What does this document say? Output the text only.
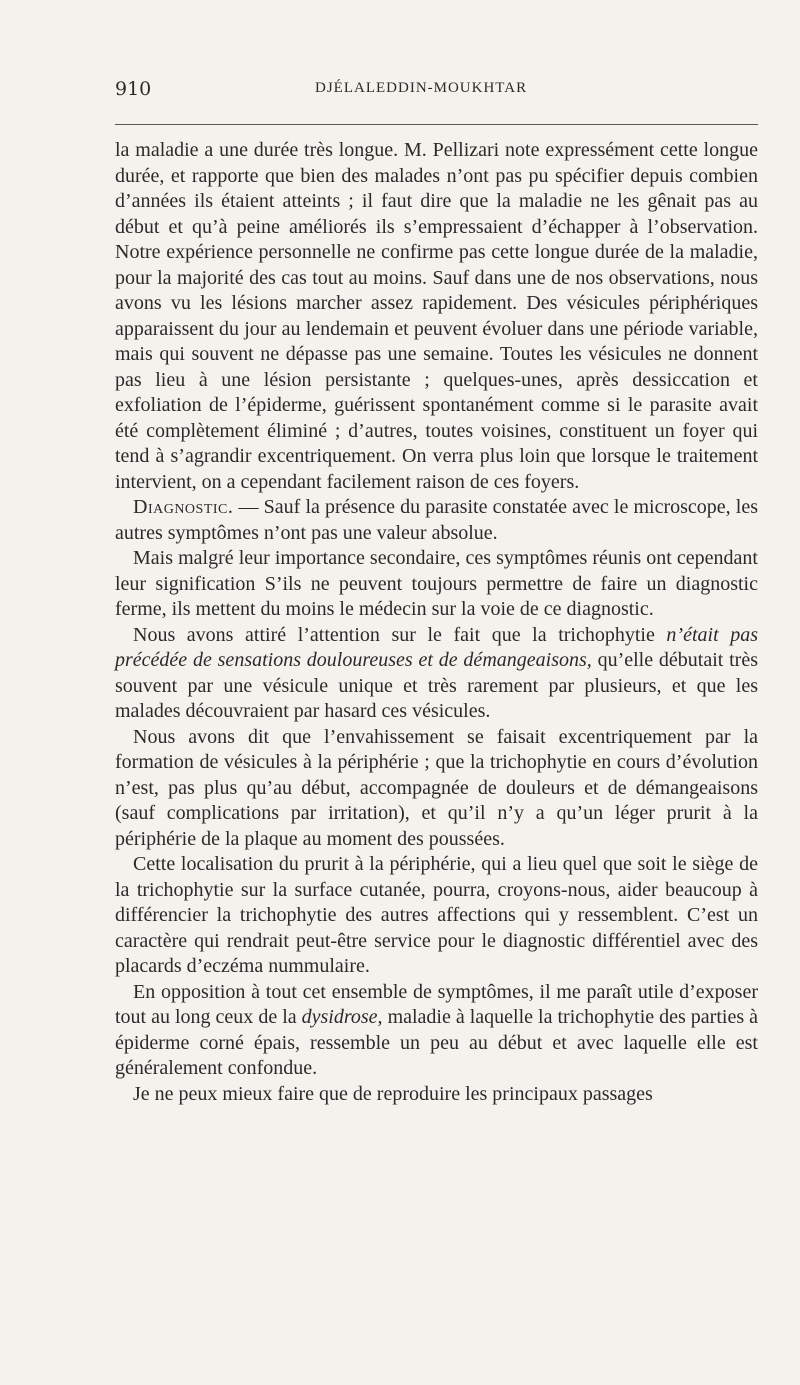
910	DJÉLALEDDIN-MOUKHTAR

la maladie a une durée très longue. M. Pellizari note expressément cette longue durée, et rapporte que bien des malades n’ont pas pu spécifier depuis combien d’années ils étaient atteints ; il faut dire que la maladie ne les gênait pas au début et qu’à peine améliorés ils s’empressaient d’échapper à l’observation. Notre expérience personnelle ne confirme pas cette longue durée de la maladie, pour la majorité des cas tout au moins. Sauf dans une de nos observations, nous avons vu les lésions marcher assez rapidement. Des vésicules périphériques apparaissent du jour au lendemain et peuvent évoluer dans une période variable, mais qui souvent ne dépasse pas une semaine. Toutes les vésicules ne donnent pas lieu à une lésion persistante ; quelques-unes, après dessiccation et exfoliation de l’épiderme, guérissent spontanément comme si le parasite avait été complètement éliminé ; d’autres, toutes voisines, constituent un foyer qui tend à s’agrandir excentriquement. On verra plus loin que lorsque le traitement intervient, on a cependant facilement raison de ces foyers.

Diagnostic. — Sauf la présence du parasite constatée avec le microscope, les autres symptômes n’ont pas une valeur absolue.

Mais malgré leur importance secondaire, ces symptômes réunis ont cependant leur signification S’ils ne peuvent toujours permettre de faire un diagnostic ferme, ils mettent du moins le médecin sur la voie de ce diagnostic.

Nous avons attiré l’attention sur le fait que la trichophytie n’était pas précédée de sensations douloureuses et de démangeaisons, qu’elle débutait très souvent par une vésicule unique et très rarement par plusieurs, et que les malades découvraient par hasard ces vésicules.

Nous avons dit que l’envahissement se faisait excentriquement par la formation de vésicules à la périphérie ; que la trichophytie en cours d’évolution n’est, pas plus qu’au début, accompagnée de douleurs et de démangeaisons (sauf complications par irritation), et qu’il n’y a qu’un léger prurit à la périphérie de la plaque au moment des poussées.

Cette localisation du prurit à la périphérie, qui a lieu quel que soit le siège de la trichophytie sur la surface cutanée, pourra, croyons-nous, aider beaucoup à différencier la trichophytie des autres affections qui y ressemblent. C’est un caractère qui rendrait peut-être service pour le diagnostic différentiel avec des placards d’eczéma nummulaire.

En opposition à tout cet ensemble de symptômes, il me paraît utile d’exposer tout au long ceux de la dysidrose, maladie à laquelle la trichophytie des parties à épiderme corné épais, ressemble un peu au début et avec laquelle elle est généralement confondue.

Je ne peux mieux faire que de reproduire les principaux passages
